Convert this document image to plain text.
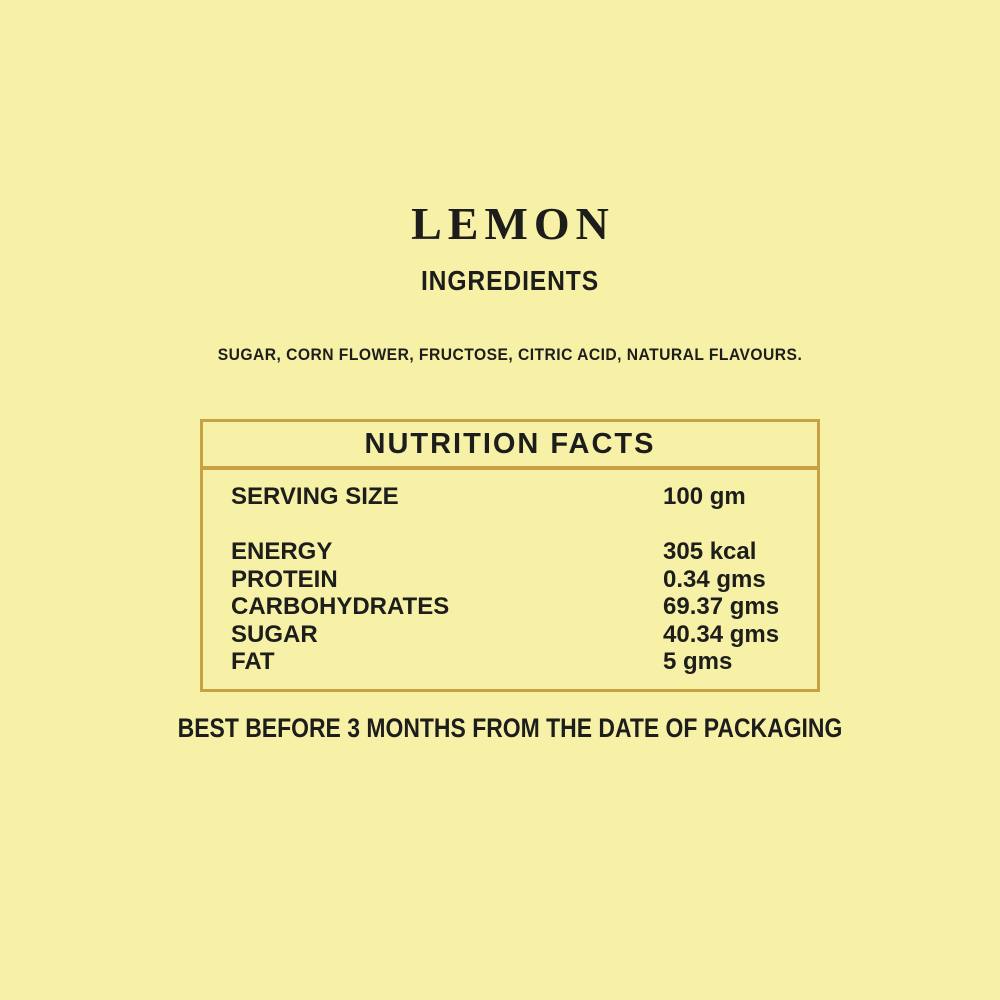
LEMON
INGREDIENTS

SUGAR, CORN FLOWER, FRUCTOSE, CITRIC ACID, NATURAL FLAVOURS.

NUTRITION FACTS
SERVING SIZE	100 gm
ENERGY	305 kcal
PROTEIN	0.34 gms
CARBOHYDRATES	69.37 gms
SUGAR	40.34 gms
FAT	5 gms

BEST BEFORE 3 MONTHS FROM THE DATE OF PACKAGING
